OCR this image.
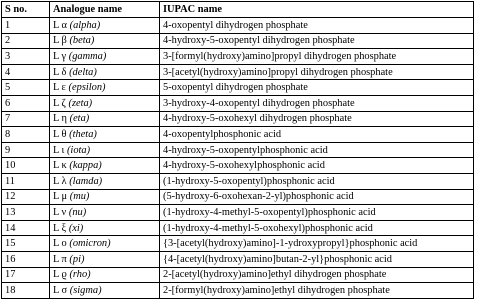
S no.	Analogue name	IUPAC name
1	L α (alpha)	4-oxopentyl dihydrogen phosphate
2	L β (beta)	4-hydroxy-5-oxopentyl dihydrogen phosphate
3	L γ (gamma)	3-[formyl(hydroxy)amino]propyl dihydrogen phosphate
4	L δ (delta)	3-[acetyl(hydroxy)amino]propyl dihydrogen phosphate
5	L ε (epsilon)	5-oxopentyl dihydrogen phosphate
6	L ζ (zeta)	3-hydroxy-4-oxopentyl dihydrogen phosphate
7	L η (eta)	4-hydroxy-5-oxohexyl dihydrogen phosphate
8	L θ (theta)	4-oxopentylphosphonic acid
9	L ι (iota)	4-hydroxy-5-oxopentylphosphonic acid
10	L κ (kappa)	4-hydroxy-5-oxohexylphosphonic acid
11	L λ (lamda)	(1-hydroxy-5-oxopentyl)phosphonic acid
12	L μ (mu)	(5-hydroxy-6-oxohexan-2-yl)phosphonic acid
13	L ν (nu)	(1-hydroxy-4-methyl-5-oxopentyl)phosphonic acid
14	L ξ (xi)	(1-hydroxy-4-methyl-5-oxohexyl)phosphonic acid
15	L ο (omicron)	{3-[acetyl(hydroxy)amino]-1-ydroxypropyl}phosphonic acid
16	L π (pi)	{4-[acetyl(hydroxy)amino]butan-2-yl}phosphonic acid
17	L ϱ (rho)	2-[acetyl(hydroxy)amino]ethyl dihydrogen phosphate
18	L σ (sigma)	2-[formyl(hydroxy)amino]ethyl dihydrogen phosphate
